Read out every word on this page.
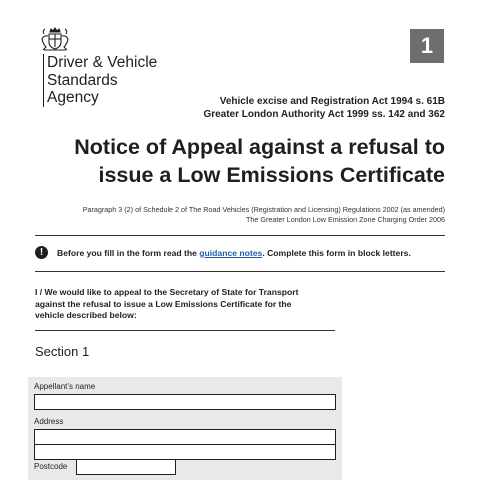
Driver & Vehicle
Standards
Agency
1
Vehicle excise and Registration Act 1994 s. 61B
Greater London Authority Act 1999 ss. 142 and 362
Notice of Appeal against a refusal to
issue a Low Emissions Certificate
Paragraph 3 (2) of Schedule 2 of The Road Vehicles (Registration and Licensing) Regulations 2002 (as amended)
The Greater London Low Emission Zone Charging Order 2006
!	Before you fill in the form read the guidance notes. Complete this form in block letters.
I / We would like to appeal to the Secretary of State for Transport
against the refusal to issue a Low Emissions Certificate for the
vehicle described below:
Section 1
Appellant’s name
Address
Postcode
